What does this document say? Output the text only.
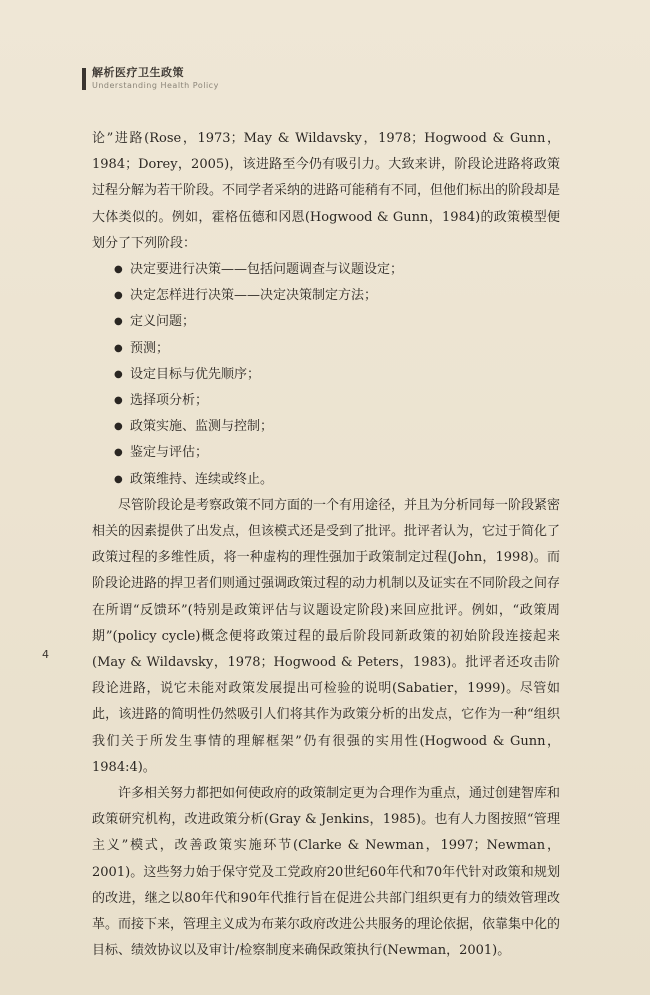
解析医疗卫生政策
Understanding Health Policy

论”进路(Rose，1973；May & Wildavsky，1978；Hogwood & Gunn，1984；Dorey，2005)，该进路至今仍有吸引力。大致来讲，阶段论进路将政策过程分解为若干阶段。不同学者采纳的进路可能稍有不同，但他们标出的阶段却是大体类似的。例如，霍格伍德和冈恩(Hogwood & Gunn，1984)的政策模型便划分了下列阶段：

● 决定要进行决策——包括问题调查与议题设定；
● 决定怎样进行决策——决定决策制定方法；
● 定义问题；
● 预测；
● 设定目标与优先顺序；
● 选择项分析；
● 政策实施、监测与控制；
● 鉴定与评估；
● 政策维持、连续或终止。

尽管阶段论是考察政策不同方面的一个有用途径，并且为分析同每一阶段紧密相关的因素提供了出发点，但该模式还是受到了批评。批评者认为，它过于简化了政策过程的多维性质，将一种虚构的理性强加于政策制定过程(John，1998)。而阶段论进路的捍卫者们则通过强调政策过程的动力机制以及证实在不同阶段之间存在所谓“反馈环”(特别是政策评估与议题设定阶段)来回应批评。例如，“政策周期”(policy cycle)概念便将政策过程的最后阶段同新政策的初始阶段连接起来(May & Wildavsky，1978；Hogwood & Peters，1983)。批评者还攻击阶段论进路，说它未能对政策发展提出可检验的说明(Sabatier，1999)。尽管如此，该进路的简明性仍然吸引人们将其作为政策分析的出发点，它作为一种“组织我们关于所发生事情的理解框架”仍有很强的实用性(Hogwood & Gunn，1984:4)。

许多相关努力都把如何使政府的政策制定更为合理作为重点，通过创建智库和政策研究机构，改进政策分析(Gray & Jenkins，1985)。也有人力图按照“管理主义”模式，改善政策实施环节(Clarke & Newman，1997；Newman，2001)。这些努力始于保守党及工党政府20世纪60年代和70年代针对政策和规划的改进，继之以80年代和90年代推行旨在促进公共部门组织更有力的绩效管理改革。而接下来，管理主义成为布莱尔政府改进公共服务的理论依据，依靠集中化的目标、绩效协议以及审计/检察制度来确保政策执行(Newman，2001)。

4
